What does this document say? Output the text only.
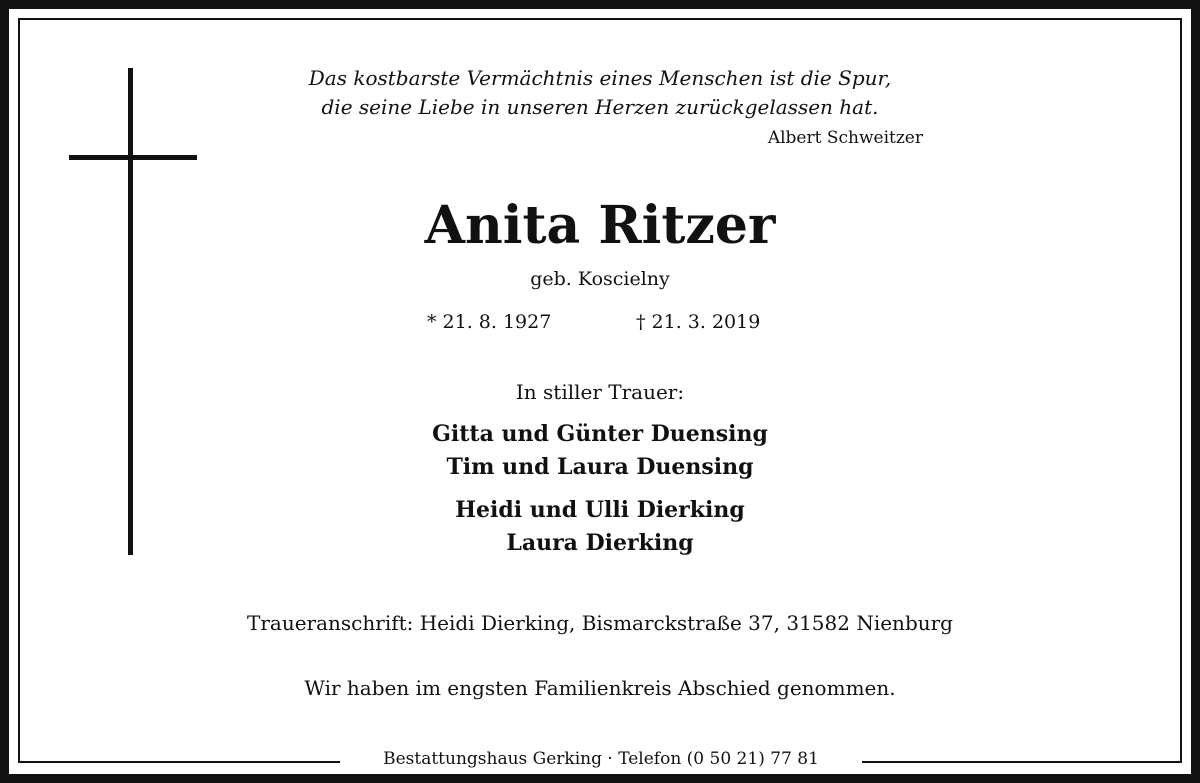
Das kostbarste Vermächtnis eines Menschen ist die Spur,
die seine Liebe in unseren Herzen zurückgelassen hat.
Albert Schweitzer
Anita Ritzer
geb. Koscielny
* 21. 8. 1927	† 21. 3. 2019
In stiller Trauer:
Gitta und Günter Duensing
Tim und Laura Duensing
Heidi und Ulli Dierking
Laura Dierking
Traueranschrift: Heidi Dierking, Bismarckstraße 37, 31582 Nienburg
Wir haben im engsten Familienkreis Abschied genommen.
Bestattungshaus Gerking · Telefon (0 50 21) 77 81
